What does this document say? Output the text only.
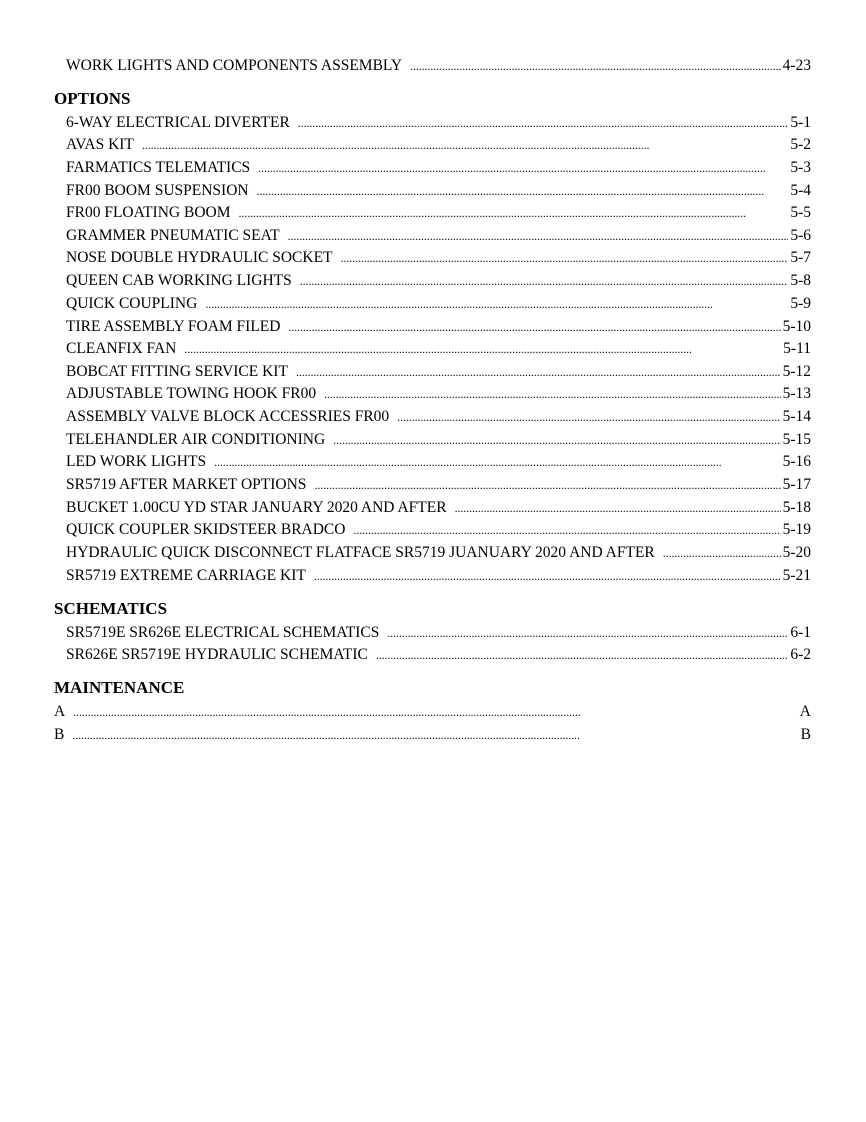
WORK LIGHTS AND COMPONENTS ASSEMBLY . . .	4-23
OPTIONS
6-WAY ELECTRICAL DIVERTER . . .	5-1
AVAS KIT . . .	5-2
FARMATICS TELEMATICS . . .	5-3
FR00 BOOM SUSPENSION . . .	5-4
FR00 FLOATING BOOM . . .	5-5
GRAMMER PNEUMATIC SEAT . . .	5-6
NOSE DOUBLE HYDRAULIC SOCKET . . .	5-7
QUEEN CAB WORKING LIGHTS . . .	5-8
QUICK COUPLING . . .	5-9
TIRE ASSEMBLY FOAM FILED . . .	5-10
CLEANFIX FAN . . .	5-11
BOBCAT FITTING SERVICE KIT . . .	5-12
ADJUSTABLE TOWING HOOK FR00 . . .	5-13
ASSEMBLY VALVE BLOCK ACCESSRIES FR00 . . .	5-14
TELEHANDLER AIR CONDITIONING . . .	5-15
LED WORK LIGHTS . . .	5-16
SR5719 AFTER MARKET OPTIONS . . .	5-17
BUCKET 1.00CU YD STAR JANUARY 2020 AND AFTER . . .	5-18
QUICK COUPLER SKIDSTEER BRADCO . . .	5-19
HYDRAULIC QUICK DISCONNECT FLATFACE SR5719 JUANUARY 2020 AND AFTER . . .	5-20
SR5719 EXTREME CARRIAGE KIT . . .	5-21
SCHEMATICS
SR5719E SR626E ELECTRICAL SCHEMATICS . . .	6-1
SR626E SR5719E HYDRAULIC SCHEMATIC . . .	6-2
MAINTENANCE
A . . .	A
B . . .	B
